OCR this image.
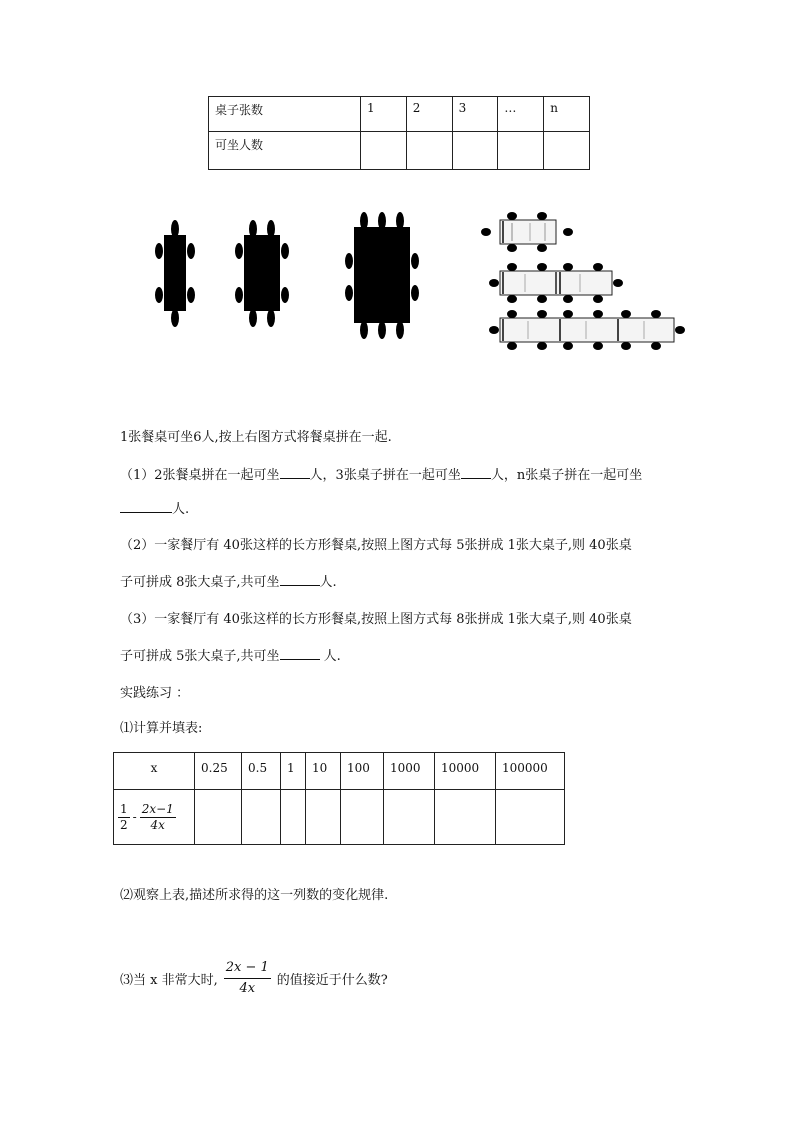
桌子张数	1	2	3	…	n
可坐人数					
1张餐桌可坐6人,按上右图方式将餐桌拼在一起.
（1）2张餐桌拼在一起可坐 人，3张桌子拼在一起可坐 人，n张桌子拼在一起可坐
人.
（2）一家餐厅有 40张这样的长方形餐桌,按照上图方式每 5张拼成 1张大桌子,则 40张桌
子可拼成 8张大桌子,共可坐	人.
（3）一家餐厅有 40张这样的长方形餐桌,按照上图方式每 8张拼成 1张大桌子,则 40张桌
子可拼成 5张大桌子,共可坐	人.
实践练习 ：
⑴计算并填表:
x	0.25	0.5	1	10	100	1000	10000	100000

$\frac{1}{2} - \frac{2x-1}{4x}$

⑵观察上表,描述所求得的这一列数的变化规律.
⑶当 x 非常大时, $\frac{2x - 1}{4x}$ 的值接近于什么数?
